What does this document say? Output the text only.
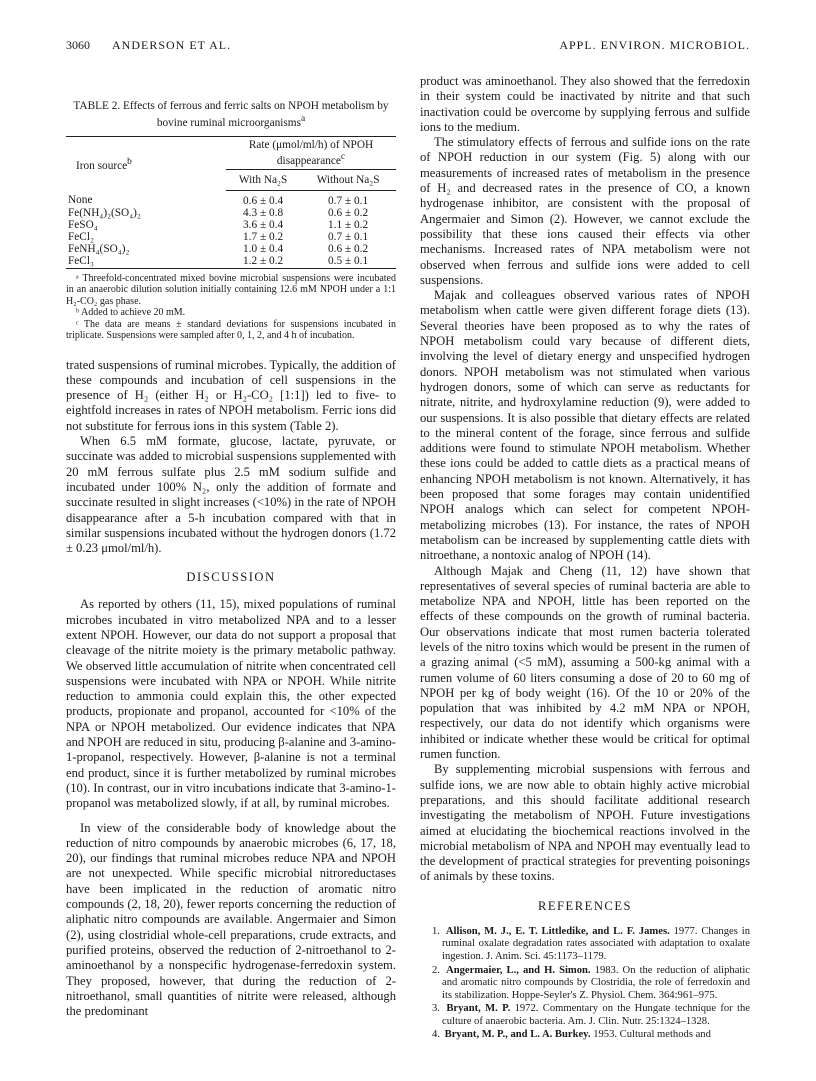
3060 ANDERSON ET AL.	APPL. ENVIRON. MICROBIOL.
TABLE 2. Effects of ferrous and ferric salts on NPOH metabolism by bovine ruminal microorganisms$^a$

Iron source$^b$	Rate (μmol/ml/h) of NPOH disappearance$^c$
	With Na₂S	Without Na₂S
None	0.6 ± 0.4	0.7 ± 0.1
Fe(NH₄)₂(SO₄)₂	4.3 ± 0.8	0.6 ± 0.2
FeSO₄	3.6 ± 0.4	1.1 ± 0.2
FeCl₂	1.7 ± 0.2	0.7 ± 0.1
FeNH₄(SO₄)₂	1.0 ± 0.4	0.6 ± 0.2
FeCl₃	1.2 ± 0.2	0.5 ± 0.1

ᵃ Threefold-concentrated mixed bovine microbial suspensions were incubated in an anaerobic dilution solution initially containing 12.6 mM NPOH under a 1:1 H₂-CO₂ gas phase.

ᵇ Added to achieve 20 mM.

ᶜ The data are means ± standard deviations for suspensions incubated in triplicate. Suspensions were sampled after 0, 1, 2, and 4 h of incubation.

trated suspensions of ruminal microbes. Typically, the addition of these compounds and incubation of cell suspensions in the presence of H₂ (either H₂ or H₂-CO₂ [1:1]) led to five- to eightfold increases in rates of NPOH metabolism. Ferric ions did not substitute for ferrous ions in this system (Table 2).

When 6.5 mM formate, glucose, lactate, pyruvate, or succinate was added to microbial suspensions supplemented with 20 mM ferrous sulfate plus 2.5 mM sodium sulfide and incubated under 100% N₂, only the addition of formate and succinate resulted in slight increases (<10%) in the rate of NPOH disappearance after a 5-h incubation compared with that in similar suspensions incubated without the hydrogen donors (1.72 ± 0.23 μmol/ml/h).

DISCUSSION

As reported by others (11, 15), mixed populations of ruminal microbes incubated in vitro metabolized NPA and to a lesser extent NPOH. However, our data do not support a proposal that cleavage of the nitrite moiety is the primary metabolic pathway. We observed little accumulation of nitrite when concentrated cell suspensions were incubated with NPA or NPOH. While nitrite reduction to ammonia could explain this, the other expected products, propionate and propanol, accounted for <10% of the NPA or NPOH metabolized. Our evidence indicates that NPA and NPOH are reduced in situ, producing β-alanine and 3-amino-1-propanol, respectively. However, β-alanine is not a terminal end product, since it is further metabolized by ruminal microbes (10). In contrast, our in vitro incubations indicate that 3-amino-1-propanol was metabolized slowly, if at all, by ruminal microbes.

In view of the considerable body of knowledge about the reduction of nitro compounds by anaerobic microbes (6, 17, 18, 20), our findings that ruminal microbes reduce NPA and NPOH are not unexpected. While specific microbial nitroreductases have been implicated in the reduction of aromatic nitro compounds (2, 18, 20), fewer reports concerning the reduction of aliphatic nitro compounds are available. Angermaier and Simon (2), using clostridial whole-cell preparations, crude extracts, and purified proteins, observed the reduction of 2-nitroethanol to 2-aminoethanol by a nonspecific hydrogenase-ferredoxin system. They proposed, however, that during the reduction of 2-nitroethanol, small quantities of nitrite were released, although the predominant

product was aminoethanol. They also showed that the ferredoxin in their system could be inactivated by nitrite and that such inactivation could be overcome by supplying ferrous and sulfide ions to the medium.

The stimulatory effects of ferrous and sulfide ions on the rate of NPOH reduction in our system (Fig. 5) along with our measurements of increased rates of metabolism in the presence of H₂ and decreased rates in the presence of CO, a known hydrogenase inhibitor, are consistent with the proposal of Angermaier and Simon (2). However, we cannot exclude the possibility that these ions caused their effects via other mechanisms. Increased rates of NPA metabolism were not observed when ferrous and sulfide ions were added to cell suspensions.

Majak and colleagues observed various rates of NPOH metabolism when cattle were given different forage diets (13). Several theories have been proposed as to why the rates of NPOH metabolism could vary because of different diets, involving the level of dietary energy and unspecified hydrogen donors. NPOH metabolism was not stimulated when various hydrogen donors, some of which can serve as reductants for nitrate, nitrite, and hydroxylamine reduction (9), were added to our suspensions. It is also possible that dietary effects are related to the mineral content of the forage, since ferrous and sulfide additions were found to stimulate NPOH metabolism. Whether these ions could be added to cattle diets as a practical means of enhancing NPOH metabolism is not known. Alternatively, it has been proposed that some forages may contain unidentified NPOH analogs which can select for competent NPOH-metabolizing microbes (13). For instance, the rates of NPOH metabolism can be increased by supplementing cattle diets with nitroethane, a nontoxic analog of NPOH (14).

Although Majak and Cheng (11, 12) have shown that representatives of several species of ruminal bacteria are able to metabolize NPA and NPOH, little has been reported on the effects of these compounds on the growth of ruminal bacteria. Our observations indicate that most rumen bacteria tolerated levels of the nitro toxins which would be present in the rumen of a grazing animal (<5 mM), assuming a 500-kg animal with a rumen volume of 60 liters consuming a dose of 20 to 60 mg of NPOH per kg of body weight (16). Of the 10 or 20% of the population that was inhibited by 4.2 mM NPA or NPOH, respectively, our data do not identify which organisms were inhibited or indicate whether these would be critical for optimal rumen function.

By supplementing microbial suspensions with ferrous and sulfide ions, we are now able to obtain highly active microbial preparations, and this should facilitate additional research investigating the metabolism of NPOH. Future investigations aimed at elucidating the biochemical reactions involved in the microbial metabolism of NPA and NPOH may eventually lead to the development of practical strategies for preventing poisonings of animals by these toxins.

REFERENCES
1. Allison, M. J., E. T. Littledike, and L. F. James. 1977. Changes in ruminal oxalate degradation rates associated with adaptation to oxalate ingestion. J. Anim. Sci. 45:1173–1179.
2. Angermaier, L., and H. Simon. 1983. On the reduction of aliphatic and aromatic nitro compounds by Clostridia, the role of ferredoxin and its stabilization. Hoppe-Seyler's Z. Physiol. Chem. 364:961–975.
3. Bryant, M. P. 1972. Commentary on the Hungate technique for the culture of anaerobic bacteria. Am. J. Clin. Nutr. 25:1324–1328.
4. Bryant, M. P., and L. A. Burkey. 1953. Cultural methods and
